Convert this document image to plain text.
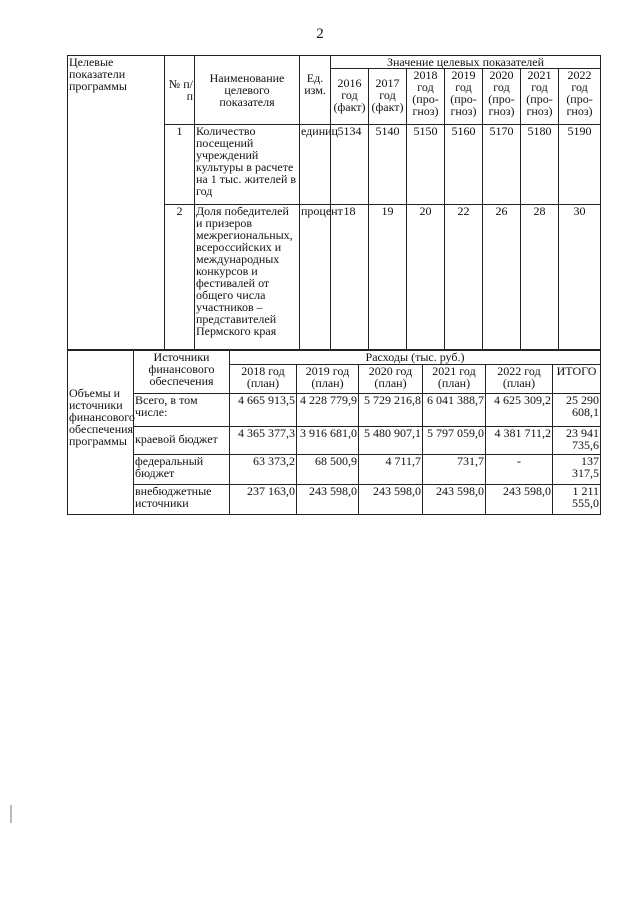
2
Целевые показатели программы	№ п/п	Наименование целевого показателя	Ед. изм.	Значение целевых показателей						
				2016 год (факт)	2017 год (факт)	2018 год (про-гноз)	2019 год (про-гноз)	2020 год (про-гноз)	2021 год (про-гноз)	2022 год (про-гноз)
	1	Количество посещений учреждений культуры в расчете на 1 тыс. жителей в год	единиц	5134	5140	5150	5160	5170	5180	5190
	2	Доля победителей и призеров межрегиональных, всероссийских и международных конкурсов и фестивалей от общего числа участников – представителей Пермского края	процент	18	19	20	22	26	28	30
Объемы и источники финансового обеспечения программы	Источники финансового обеспечения	Расходы (тыс. руб.)					
		2018 год (план)	2019 год (план)	2020 год (план)	2021 год (план)	2022 год (план)	ИТОГО
	Всего, в том числе:	4 665 913,5	4 228 779,9	5 729 216,8	6 041 388,7	4 625 309,2	25 290 608,1
	краевой бюджет	4 365 377,3	3 916 681,0	5 480 907,1	5 797 059,0	4 381 711,2	23 941 735,6
	федеральный бюджет	63 373,2	68 500,9	4 711,7	731,7	-	137 317,5
	внебюджетные источники	237 163,0	243 598,0	243 598,0	243 598,0	243 598,0	1 211 555,0
